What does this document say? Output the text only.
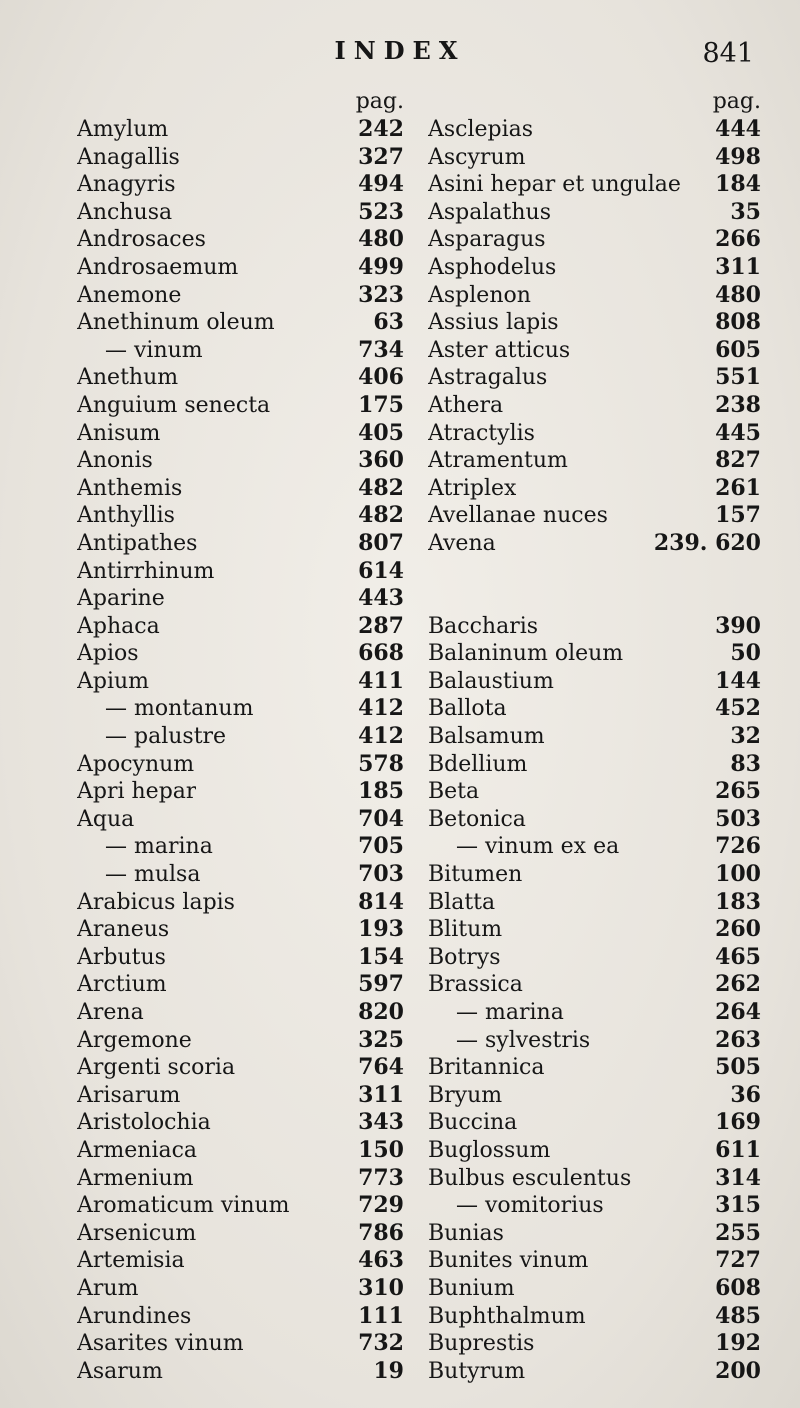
INDEX	841
pag.
Amylum	242
Anagallis	327
Anagyris	494
Anchusa	523
Androsaces	480
Androsaemum	499
Anemone	323
Anethinum oleum	63
— vinum	734
Anethum	406
Anguium senecta	175
Anisum	405
Anonis	360
Anthemis	482
Anthyllis	482
Antipathes	807
Antirrhinum	614
Aparine	443
Aphaca	287
Apios	668
Apium	411
— montanum	412
— palustre	412
Apocynum	578
Apri hepar	185
Aqua	704
— marina	705
— mulsa	703
Arabicus lapis	814
Araneus	193
Arbutus	154
Arctium	597
Arena	820
Argemone	325
Argenti scoria	764
Arisarum	311
Aristolochia	343
Armeniaca	150
Armenium	773
Aromaticum vinum	729
Arsenicum	786
Artemisia	463
Arum	310
Arundines	111
Asarites vinum	732
Asarum	19
pag.
Asclepias	444
Ascyrum	498
Asini hepar et ungulae 184
Aspalathus	35
Asparagus	266
Asphodelus	311
Asplenon	480
Assius lapis	808
Aster atticus	605
Astragalus	551
Athera	238
Atractylis	445
Atramentum	827
Atriplex	261
Avellanae nuces	157
Avena	239. 620
Baccharis	390
Balaninum oleum	50
Balaustium	144
Ballota	452
Balsamum	32
Bdellium	83
Beta	265
Betonica	503
— vinum ex ea	726
Bitumen	100
Blatta	183
Blitum	260
Botrys	465
Brassica	262
— marina	264
— sylvestris	263
Britannica	505
Bryum	36
Buccina	169
Buglossum	611
Bulbus esculentus	314
— vomitorius	315
Bunias	255
Bunites vinum	727
Bunium	608
Buphthalmum	485
Buprestis	192
Butyrum	200
